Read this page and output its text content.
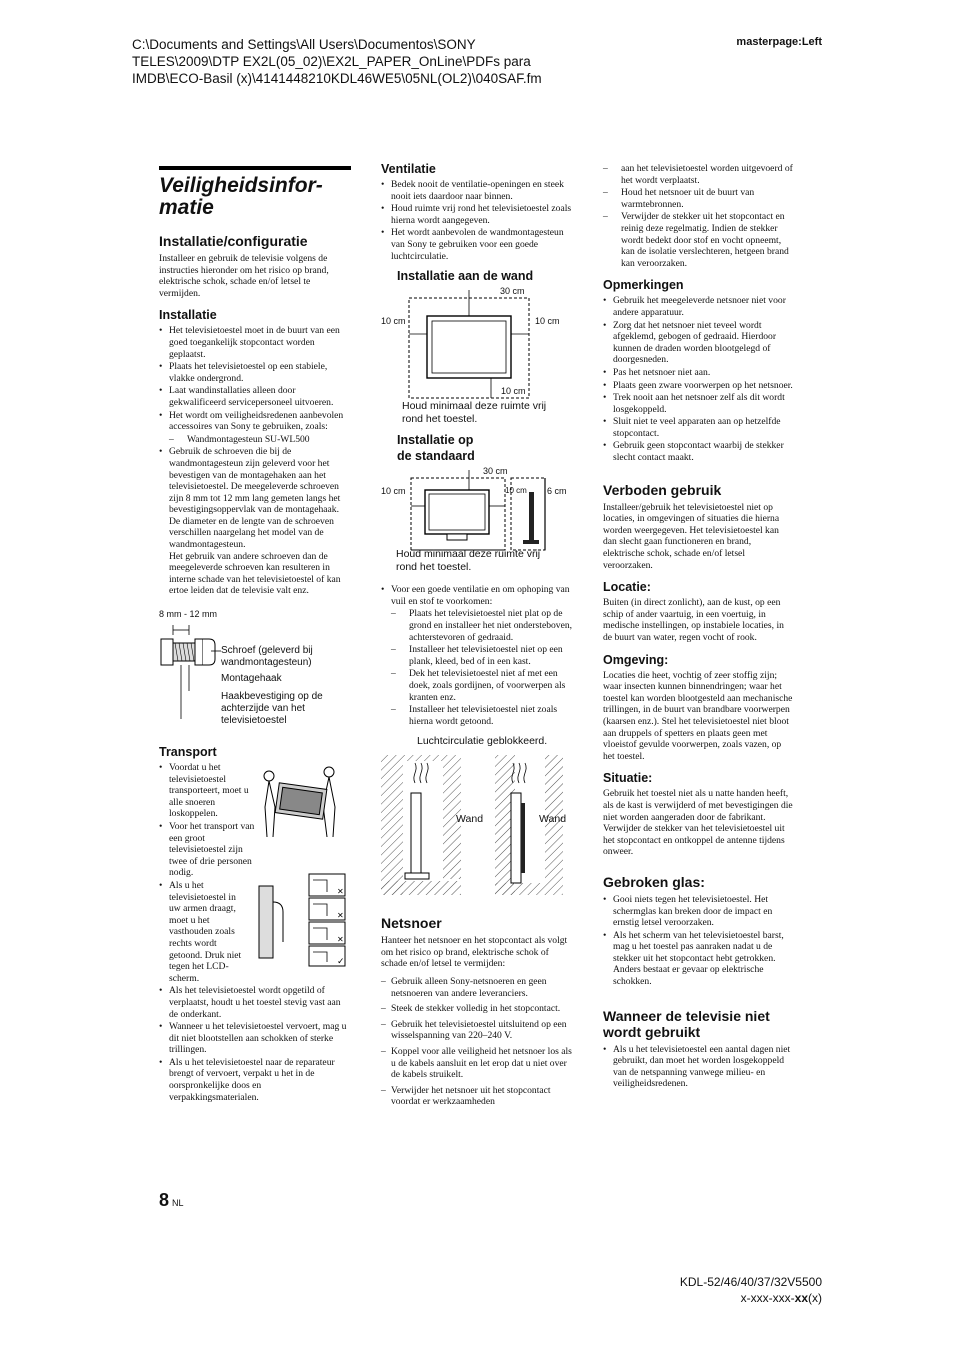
C:\Documents and Settings\All Users\Documentos\SONY
TELES\2009\DTP EX2L(05_02)\EX2L_PAPER_OnLine\PDFs para
IMDB\ECO-Basil (x)\4141448210KDL46WE5\05NL(OL2)\040SAF.fm
masterpage:Left
Veiligheidsinfor-matie
Installatie/configuratie

Installeer en gebruik de televisie volgens de instructies hieronder om het risico op brand, elektrische schok, schade en/of letsel te vermijden.

Installatie
• Het televisietoestel moet in de buurt van een goed toegankelijk stopcontact worden geplaatst.
• Plaats het televisietoestel op een stabiele, vlakke ondergrond.
• Laat wandinstallaties alleen door gekwalificeerd servicepersoneel uitvoeren.
• Het wordt om veiligheidsredenen aanbevolen accessoires van Sony te gebruiken, zoals:
– Wandmontagesteun SU-WL500
• Gebruik de schroeven die bij de wandmontagesteun zijn geleverd voor het bevestigen van de montagehaken aan het televisietoestel. De meegeleverde schroeven zijn 8 mm tot 12 mm lang gemeten langs het bevestigingsoppervlak van de montagehaak.
De diameter en de lengte van de schroeven verschillen naargelang het model van de wandmontagesteun.
Het gebruik van andere schroeven dan de meegeleverde schroeven kan resulteren in interne schade van het televisietoestel of kan ertoe leiden dat de televisie valt enz.
8 mm - 12 mm
Schroef (geleverd bij wandmontagesteun)
Montagehaak
Haakbevestiging op de achterzijde van het televisietoestel
Transport
• Voordat u het televisietoestel transporteert, moet u alle snoeren loskoppelen.
• Voor het transport van een groot televisietoestel zijn twee of drie personen nodig.
✕
✕
✕
✓
• Als u het televisietoestel in uw armen draagt, moet u het vasthouden zoals rechts wordt getoond. Druk niet tegen het LCD-scherm.
• Als het televisietoestel wordt opgetild of verplaatst, houdt u het toestel stevig vast aan de onderkant.
• Wanneer u het televisietoestel vervoert, mag u dit niet blootstellen aan schokken of sterke trillingen.
• Als u het televisietoestel naar de reparateur brengt of vervoert, verpakt u het in de oorspronkelijke doos en verpakkingsmaterialen.
Ventilatie
• Bedek nooit de ventilatie-openingen en steek nooit iets daardoor naar binnen.
• Houd ruimte vrij rond het televisietoestel zoals hierna wordt aangegeven.
• Het wordt aanbevolen de wandmontagesteun van Sony te gebruiken voor een goede luchtcirculatie.
Installatie aan de wand
30 cm
10 cm	10 cm
10 cm
Houd minimaal deze ruimte vrij rond het toestel.
Installatie op
de standaard
30 cm
10 cm	10 cm 6 cm
Houd minimaal deze ruimte vrij rond het toestel.
• Voor een goede ventilatie en om ophoping van vuil en stof te voorkomen:
– Plaats het televisietoestel niet plat op de grond en installeer het niet ondersteboven, achterstevoren of gedraaid.
– Installeer het televisietoestel niet op een plank, kleed, bed of in een kast.
– Dek het televisietoestel niet af met een doek, zoals gordijnen, of voorwerpen als kranten enz.
– Installeer het televisietoestel niet zoals hierna wordt getoond.
Luchtcirculatie geblokkeerd.
Wand	Wand
Netsnoer

Hanteer het netsnoer en het stopcontact als volgt om het risico op brand, elektrische schok of schade en/of letsel te vermijden:

– Gebruik alleen Sony-netsnoeren en geen netsnoeren van andere leveranciers.
– Steek de stekker volledig in het stopcontact.
– Gebruik het televisietoestel uitsluitend op een wisselspanning van 220–240 V.
– Koppel voor alle veiligheid het netsnoer los als u de kabels aansluit en let erop dat u niet over de kabels struikelt.
– Verwijder het netsnoer uit het stopcontact voordat er werkzaamheden
– aan het televisietoestel worden uitgevoerd of het wordt verplaatst.
– Houd het netsnoer uit de buurt van warmtebronnen.
– Verwijder de stekker uit het stopcontact en reinig deze regelmatig. Indien de stekker wordt bedekt door stof en vocht opneemt, kan de isolatie verslechteren, hetgeen brand kan veroorzaken.
Opmerkingen
• Gebruik het meegeleverde netsnoer niet voor andere apparatuur.
• Zorg dat het netsnoer niet teveel wordt afgeklemd, gebogen of gedraaid. Hierdoor kunnen de draden worden blootgelegd of doorgesneden.
• Pas het netsnoer niet aan.
• Plaats geen zware voorwerpen op het netsnoer.
• Trek nooit aan het netsnoer zelf als dit wordt losgekoppeld.
• Sluit niet te veel apparaten aan op hetzelfde stopcontact.
• Gebruik geen stopcontact waarbij de stekker slecht contact maakt.
Verboden gebruik

Installeer/gebruik het televisietoestel niet op locaties, in omgevingen of situaties die hierna worden weergegeven. Het televisietoestel kan dan slecht gaan functioneren en brand, elektrische schok, schade en/of letsel veroorzaken.

Locatie:

Buiten (in direct zonlicht), aan de kust, op een schip of ander vaartuig, in een voertuig, in medische instellingen, op instabiele locaties, in de buurt van water, regen vocht of rook.

Omgeving:

Locaties die heet, vochtig of zeer stoffig zijn; waar insecten kunnen binnendringen; waar het toestel kan worden blootgesteld aan mechanische trillingen, in de buurt van brandbare voorwerpen (kaarsen enz.). Stel het televisietoestel niet bloot aan druppels of spetters en plaats geen met vloeistof gevulde voorwerpen, zoals vazen, op het toestel.

Situatie:

Gebruik het toestel niet als u natte handen heeft, als de kast is verwijderd of met bevestigingen die niet worden aangeraden door de fabrikant. Verwijder de stekker van het televisietoestel uit het stopcontact en ontkoppel de antenne tijdens onweer.

Gebroken glas:
• Gooi niets tegen het televisietoestel. Het schermglas kan breken door de impact en ernstig letsel veroorzaken.
• Als het scherm van het televisietoestel barst, mag u het toestel pas aanraken nadat u de stekker uit het stopcontact hebt getrokken. Anders bestaat er gevaar op elektrische schokken.
Wanneer de televisie niet wordt gebruikt
• Als u het televisietoestel een aantal dagen niet gebruikt, dan moet het worden losgekoppeld van de netspanning vanwege milieu- en veiligheidsredenen.
8 NL
KDL-52/46/40/37/32V5500
x-xxx-xxx-xx(x)
